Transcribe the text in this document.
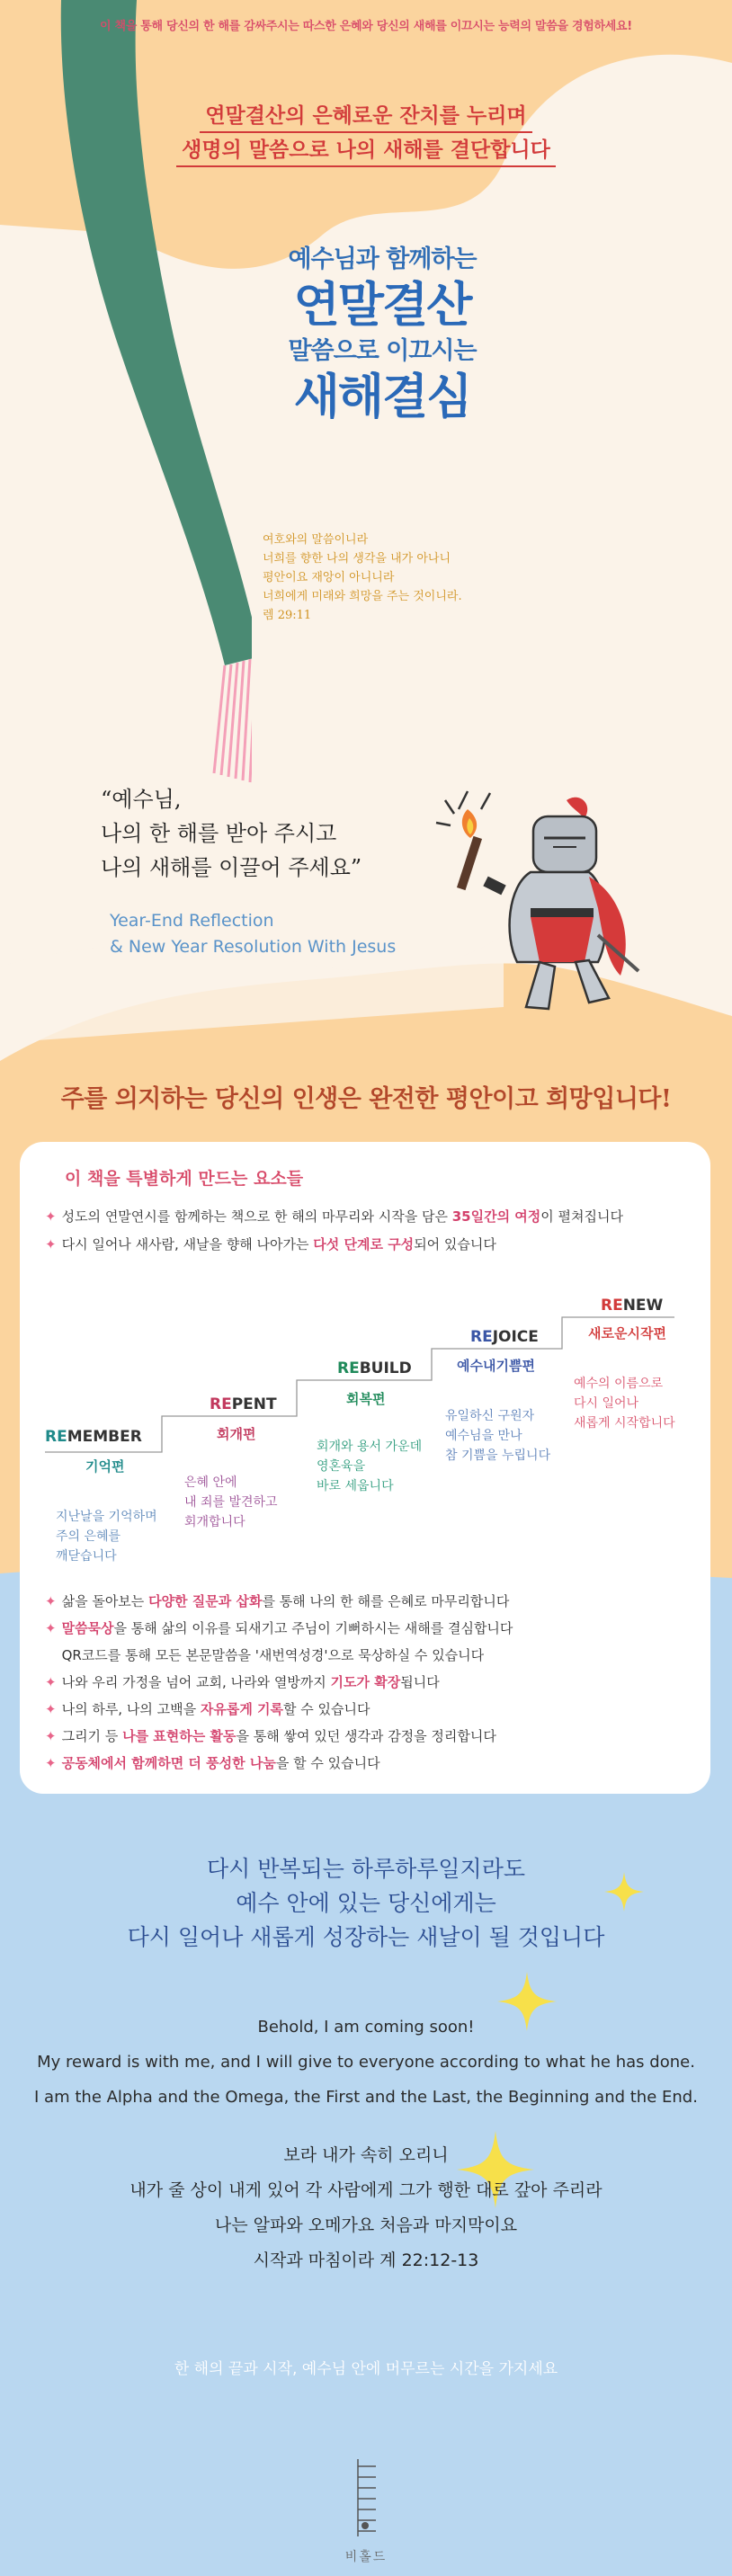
이 책을 통해 당신의 한 해를 감싸주시는 따스한 은혜와 당신의 새해를 이끄시는 능력의 말씀을 경험하세요!
연말결산의 은혜로운 잔치를 누리며
생명의 말씀으로 나의 새해를 결단합니다
예수님과 함께하는
연말결산
말씀으로 이끄시는
새해결심
여호와의 말씀이니라
너희를 향한 나의 생각을 내가 아나니
평안이요 재앙이 아니니라
너희에게 미래와 희망을 주는 것이니라.
렘 29:11
“예수님,
나의 한 해를 받아 주시고
나의 새해를 이끌어 주세요”
Year-End Reflection
& New Year Resolution With Jesus
주를 의지하는 당신의 인생은 완전한 평안이고 희망입니다!
이 책을 특별하게 만드는 요소들
✦ 성도의 연말연시를 함께하는 책으로 한 해의 마무리와 시작을 담은 35일간의 여정이 펼쳐집니다
✦ 다시 일어나 새사람, 새날을 향해 나아가는 다섯 단계로 구성되어 있습니다
REMEMBER
기억편
지난날을 기억하며
주의 은혜를
깨닫습니다
REPENT
회개편
은혜 안에
내 죄를 발견하고
회개합니다
REBUILD
회복편
회개와 용서 가운데
영혼육을
바로 세웁니다
REJOICE
예수내기쁨편
유일하신 구원자
예수님을 만나
참 기쁨을 누립니다
RENEW
새로운시작편
예수의 이름으로
다시 일어나
새롭게 시작합니다
✦ 삶을 돌아보는 다양한 질문과 삽화를 통해 나의 한 해를 은혜로 마무리합니다
✦ 말씀묵상을 통해 삶의 이유를 되새기고 주님이 기뻐하시는 새해를 결심합니다
QR코드를 통해 모든 본문말씀을 '새번역성경'으로 묵상하실 수 있습니다
✦ 나와 우리 가정을 넘어 교회, 나라와 열방까지 기도가 확장됩니다
✦ 나의 하루, 나의 고백을 자유롭게 기록할 수 있습니다
✦ 그리기 등 나를 표현하는 활동을 통해 쌓여 있던 생각과 감정을 정리합니다
✦ 공동체에서 함께하면 더 풍성한 나눔을 할 수 있습니다
다시 반복되는 하루하루일지라도
예수 안에 있는 당신에게는
다시 일어나 새롭게 성장하는 새날이 될 것입니다
Behold, I am coming soon!
My reward is with me, and I will give to everyone according to what he has done.
I am the Alpha and the Omega, the First and the Last, the Beginning and the End.
보라 내가 속히 오리니
내가 줄 상이 내게 있어 각 사람에게 그가 행한 대로 갚아 주리라
나는 알파와 오메가요 처음과 마지막이요
시작과 마침이라 계 22:12-13
한 해의 끝과 시작, 예수님 안에 머무르는 시간을 가지세요
비홀드
